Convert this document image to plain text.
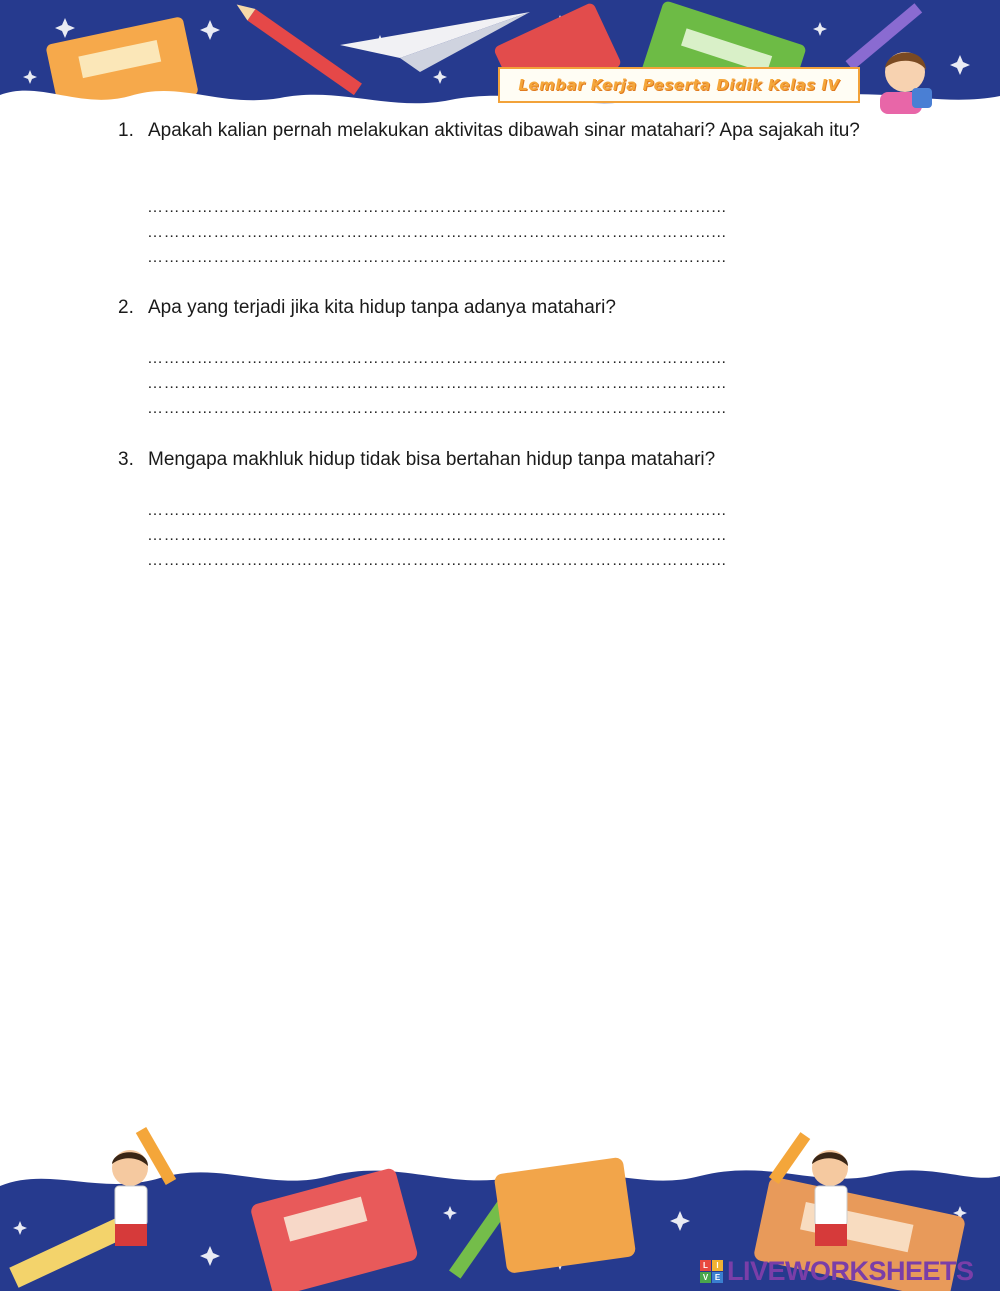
Lembar Kerja Peserta Didik Kelas IV
1. Apakah kalian pernah melakukan aktivitas dibawah sinar matahari? Apa sajakah itu?
…………………………………………………………………………………………...
…………………………………………………………………………………………...
…………………………………………………………………………………………...
2. Apa yang terjadi jika kita hidup tanpa adanya matahari?
…………………………………………………………………………………………...
…………………………………………………………………………………………...
…………………………………………………………………………………………...
3. Mengapa makhluk hidup tidak bisa bertahan hidup tanpa matahari?
…………………………………………………………………………………………...
…………………………………………………………………………………………...
…………………………………………………………………………………………...
L	I
V E LIVEWORKSHEETS
